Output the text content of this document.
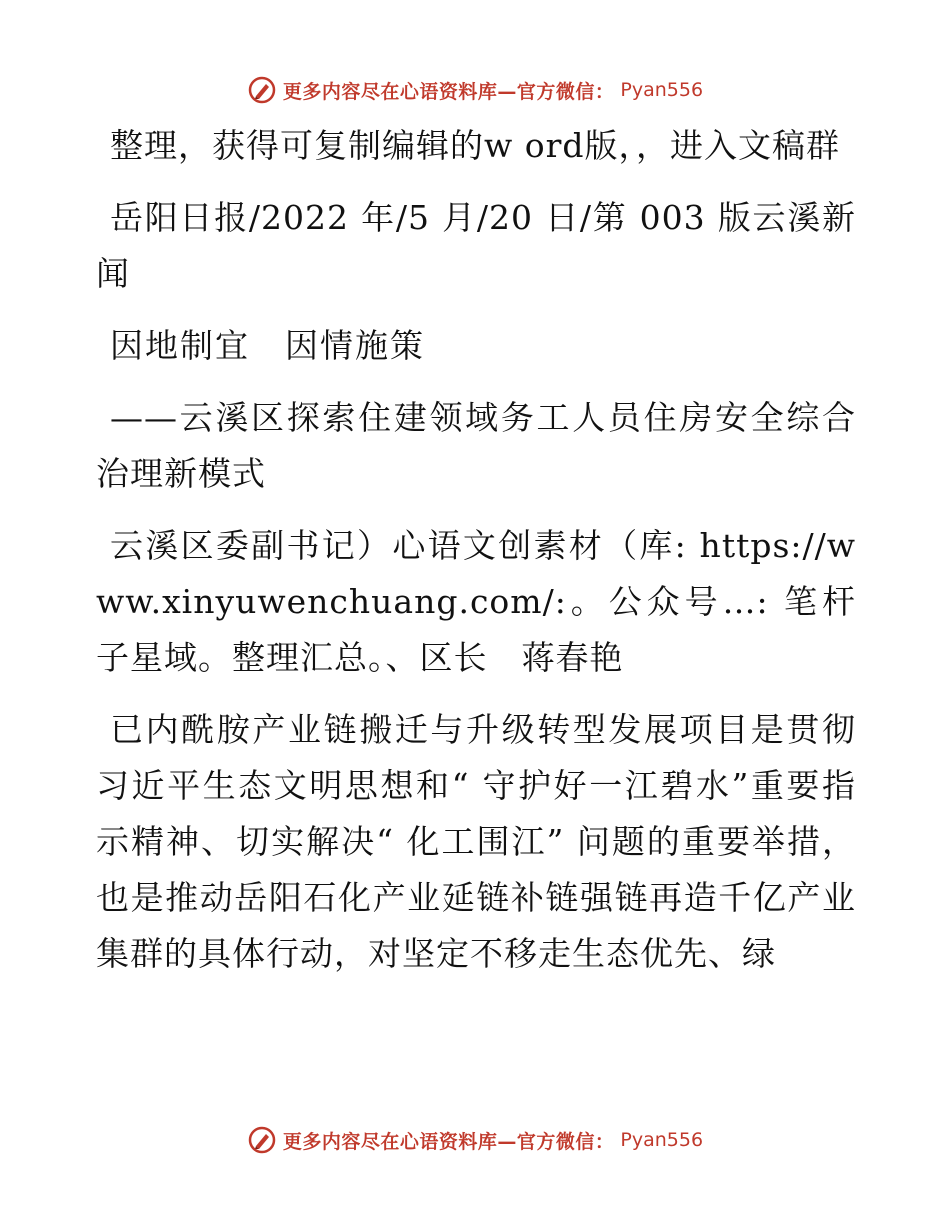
更多内容尽在心语资料库—官方微信： Pyan556

整理，获得可复制编辑的w ord版，，进入文稿群

岳阳日报/2022 年/5 月/20 日/第 003 版云溪新闻

因地制宜　因情施策

——云溪区探索住建领域务工人员住房安全综合治理新模式

云溪区委副书记）心语文创素材（库: https://www.xinyuwenchuang.com/:。公众号…: 笔杆子星域。整理汇总。、区长　蒋春艳

已内酰胺产业链搬迁与升级转型发展项目是贯彻习近平生态文明思想和“ 守护好一江碧水”重要指示精神、切实解决“ 化工围江” 问题的重要举措，也是推动岳阳石化产业延链补链强链再造千亿产业集群的具体行动，对坚定不移走生态优先、绿

更多内容尽在心语资料库—官方微信： Pyan556
